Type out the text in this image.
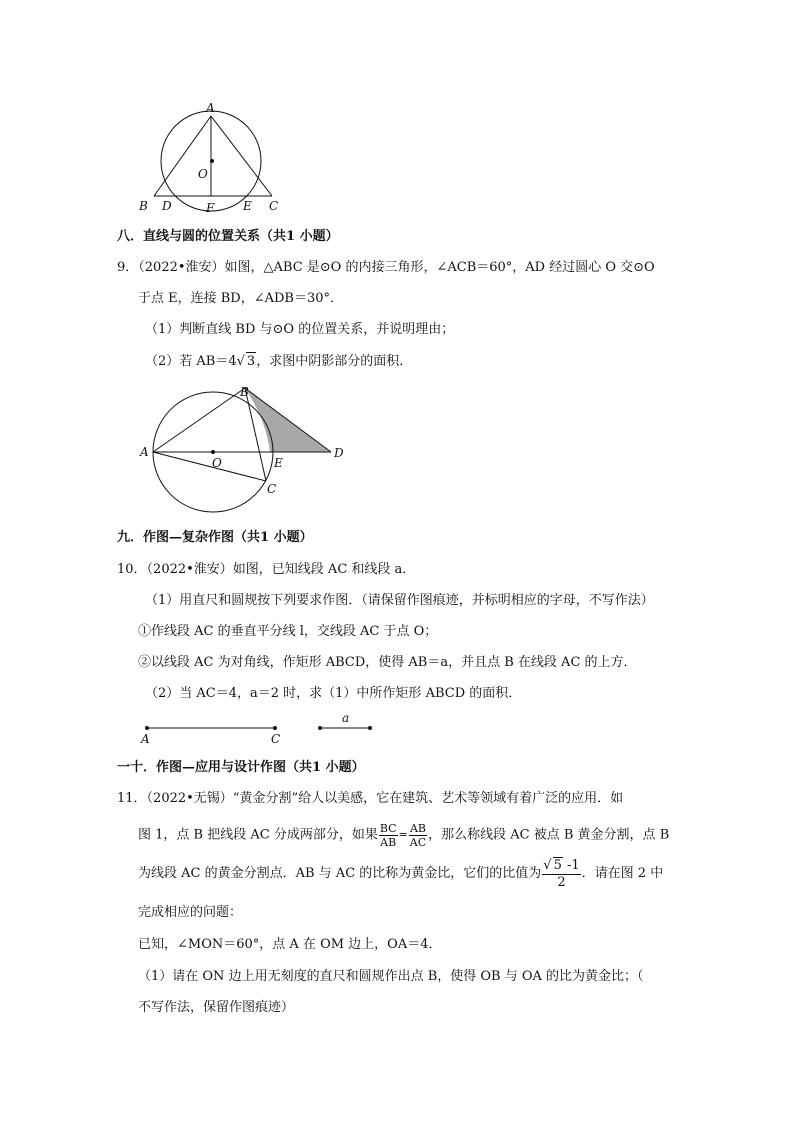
A
O
B D	F E C
八．直线与圆的位置关系（共1 小题）
9．（2022•淮安）如图，△ABC 是⊙O 的内接三角形，∠ACB＝60°，AD 经过圆心 O 交⊙O
于点 E，连接 BD，∠ADB＝30°．
（1）判断直线 BD 与⊙O 的位置关系，并说明理由；
（2）若 AB＝4√ 3，求图中阴影部分的面积．
A
B
O	E
D
C
九．作图—复杂作图（共1 小题）
10．（2022•淮安）如图，已知线段 AC 和线段 a．
（1）用直尺和圆规按下列要求作图．（请保留作图痕迹，并标明相应的字母，不写作法）
①作线段 AC 的垂直平分线 l，交线段 AC 于点 O；
②以线段 AC 为对角线，作矩形 ABCD，使得 AB＝a，并且点 B 在线段 AC 的上方．
（2）当 AC＝4，a＝2 时，求（1）中所作矩形 ABCD 的面积．
A	C
a
一十．作图—应用与设计作图（共1 小题）
11．（2022•无锡）“黄金分割”给人以美感，它在建筑、艺术等领域有着广泛的应用．如
图 1，点 B 把线段 AC 分成两部分，如果 $\frac{BC}{AB} = \frac{AB}{AC}$ ，那么称线段 AC 被点 B 黄金分割，点 B
为线段 AC 的黄金分割点．AB 与 AC 的比称为黄金比，它们的比值为 $\frac{√ 5 -1}{2}$ ．请在图 2 中
完成相应的问题：
已知，∠MON＝60°，点 A 在 OM 边上，OA＝4．
（1）请在 ON 边上用无刻度的直尺和圆规作出点 B，使得 OB 与 OA 的比为黄金比；（
不写作法，保留作图痕迹）
